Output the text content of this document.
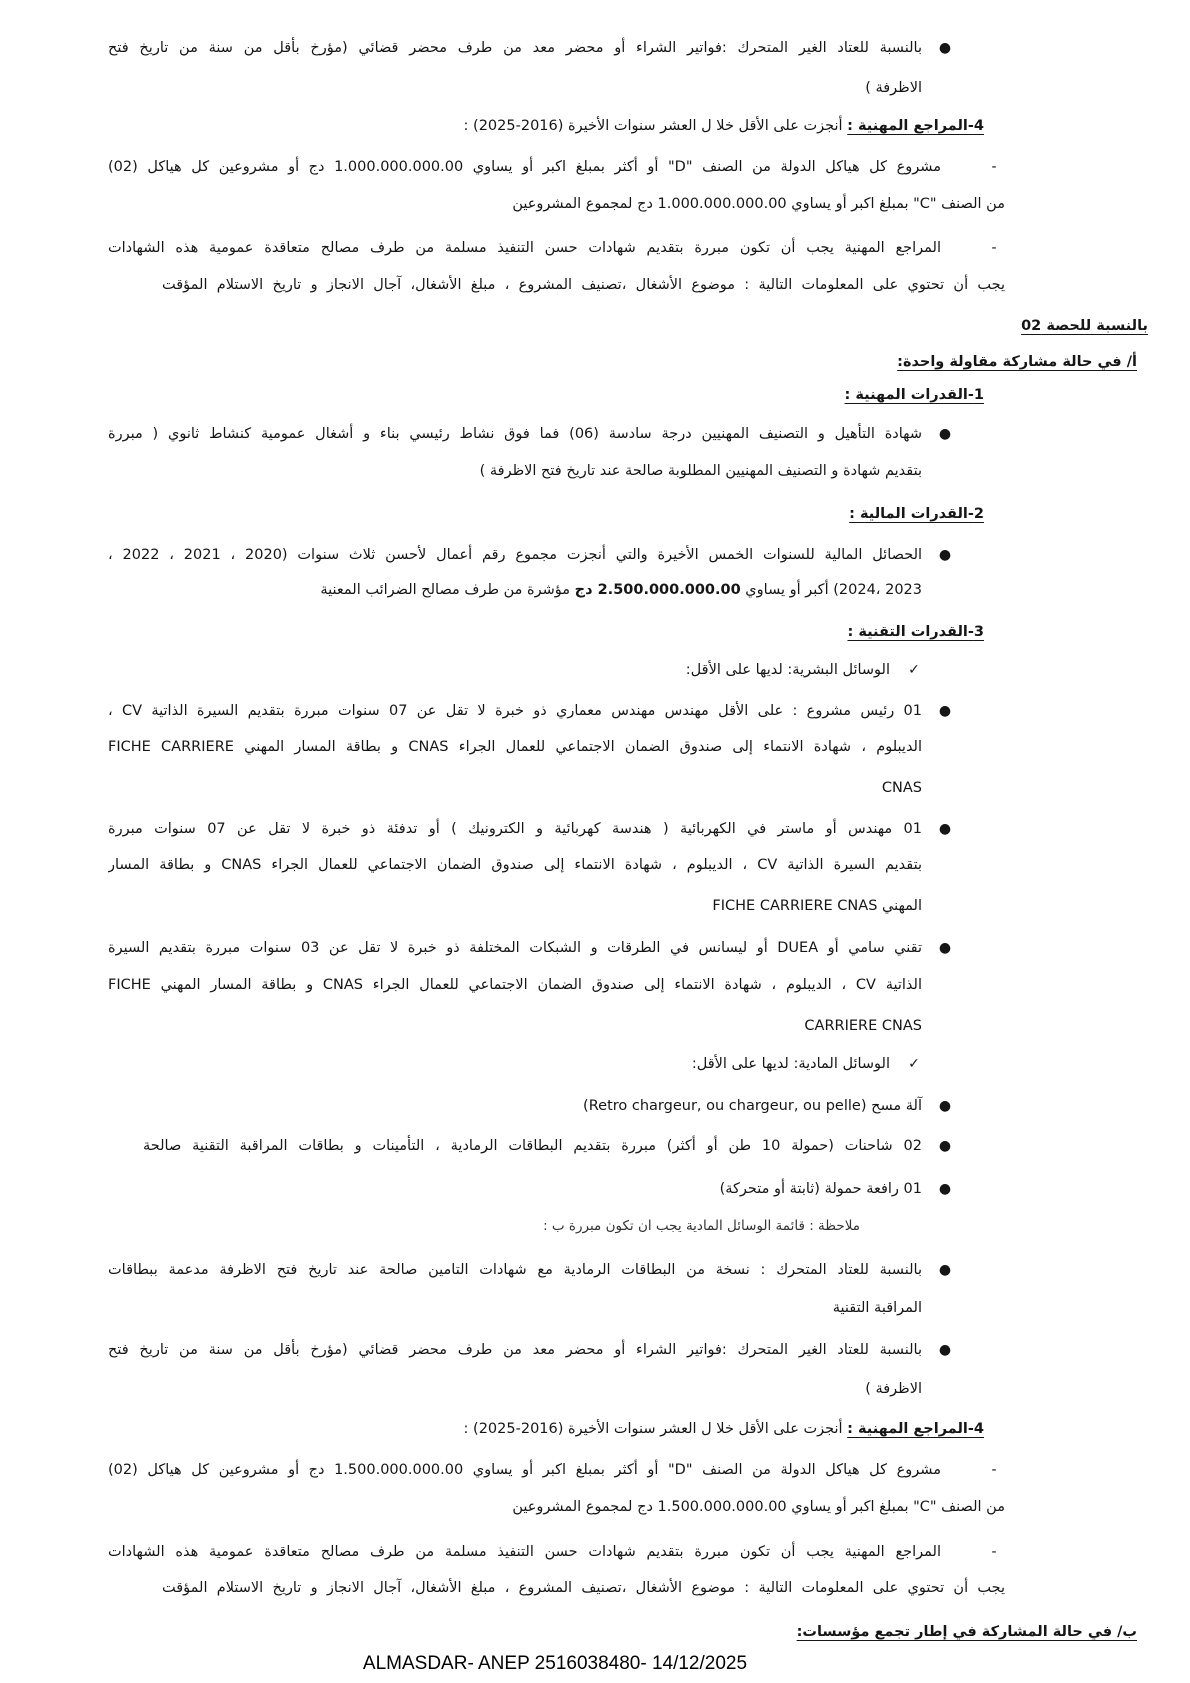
ALMASDAR- ANEP 2516038480- 14/12/2025
بالنسبة للعتاد الغير المتحرك :فواتير الشراء أو محضر معد من طرف محضر قضائي (مؤرخ بأقل من سنة من تاريخ فتح ●
الاظرفة )
4-المراجع المهنية : أنجزت على الأقل خلا ل العشر سنوات الأخيرة (2016-2025) :
مشروع كل هياكل الدولة من الصنف "D" أو أكثر بمبلغ اكبر أو يساوي 1.000.000.000.00 دج أو مشروعين كل هياكل (02)	-
من الصنف "C" بمبلغ اكبر أو يساوي 1.000.000.000.00 دج لمجموع المشروعين
المراجع المهنية يجب أن تكون مبررة بتقديم شهادات حسن التنفيذ مسلمة من طرف مصالح متعاقدة عمومية هذه الشهادات	-
يجب أن تحتوي على المعلومات التالية : موضوع الأشغال ،تصنيف المشروع ، مبلغ الأشغال، آجال الانجاز و تاريخ الاستلام المؤقت
بالنسبة للحصة 02
أ/ في حالة مشاركة مقاولة واحدة:
1-القدرات المهنية :
شهادة التأهيل و التصنيف المهنيين درجة سادسة (06) فما فوق نشاط رئيسي بناء و أشغال عمومية كنشاط ثانوي ( مبررة ●
بتقديم شهادة و التصنيف المهنيين المطلوبة صالحة عند تاريخ فتح الاظرفة )
2-القدرات المالية :
الحصائل المالية للسنوات الخمس الأخيرة والتي أنجزت مجموع رقم أعمال لأحسن ثلاث سنوات (2020 ، 2021 ، 2022 ، ●
2023 ،2024) أكبر أو يساوي 2.500.000.000.00 دج مؤشرة من طرف مصالح الضرائب المعنية
3-القدرات التقنية :
الوسائل البشرية: لديها على الأقل: ✓
01 رئيس مشروع : على الأقل مهندس مهندس معماري ذو خبرة لا تقل عن 07 سنوات مبررة بتقديم السيرة الذاتية CV ، ●
الديبلوم ، شهادة الانتماء إلى صندوق الضمان الاجتماعي للعمال الجراء CNAS و بطاقة المسار المهني FICHE CARRIERE
CNAS
01 مهندس أو ماستر في الكهربائية ( هندسة كهربائية و الكترونيك ) أو تدفئة ذو خبرة لا تقل عن 07 سنوات مبررة ●
بتقديم السيرة الذاتية CV ، الديبلوم ، شهادة الانتماء إلى صندوق الضمان الاجتماعي للعمال الجراء CNAS و بطاقة المسار
المهني FICHE CARRIERE CNAS
تقني سامي أو DUEA أو ليسانس في الطرقات و الشبكات المختلفة ذو خبرة لا تقل عن 03 سنوات مبررة بتقديم السيرة ●
الذاتية CV ، الديبلوم ، شهادة الانتماء إلى صندوق الضمان الاجتماعي للعمال الجراء CNAS و بطاقة المسار المهني FICHE
CARRIERE CNAS
الوسائل المادية: لديها على الأقل: ✓
آلة مسح (Retro chargeur, ou chargeur, ou pelle) ●
02 شاحنات (حمولة 10 طن أو أكثر) مبررة بتقديم البطاقات الرمادية ، التأمينات و بطاقات المراقبة التقنية صالحة ●
01 رافعة حمولة (ثابتة أو متحركة) ●
ملاحظة : قائمة الوسائل المادية يجب ان تكون مبررة ب :
بالنسبة للعتاد المتحرك : نسخة من البطاقات الرمادية مع شهادات التامين صالحة عند تاريخ فتح الاظرفة مدعمة ببطاقات ●
المراقبة التقنية
بالنسبة للعتاد الغير المتحرك :فواتير الشراء أو محضر معد من طرف محضر قضائي (مؤرخ بأقل من سنة من تاريخ فتح ●
الاظرفة )
4-المراجع المهنية : أنجزت على الأقل خلا ل العشر سنوات الأخيرة (2016-2025) :
مشروع كل هياكل الدولة من الصنف "D" أو أكثر بمبلغ اكبر أو يساوي 1.500.000.000.00 دج أو مشروعين كل هياكل (02)	-
من الصنف "C" بمبلغ اكبر أو يساوي 1.500.000.000.00 دج لمجموع المشروعين
المراجع المهنية يجب أن تكون مبررة بتقديم شهادات حسن التنفيذ مسلمة من طرف مصالح متعاقدة عمومية هذه الشهادات	-
يجب أن تحتوي على المعلومات التالية : موضوع الأشغال ،تصنيف المشروع ، مبلغ الأشغال، آجال الانجاز و تاريخ الاستلام المؤقت
ب/ في حالة المشاركة في إطار تجمع مؤسسات:
